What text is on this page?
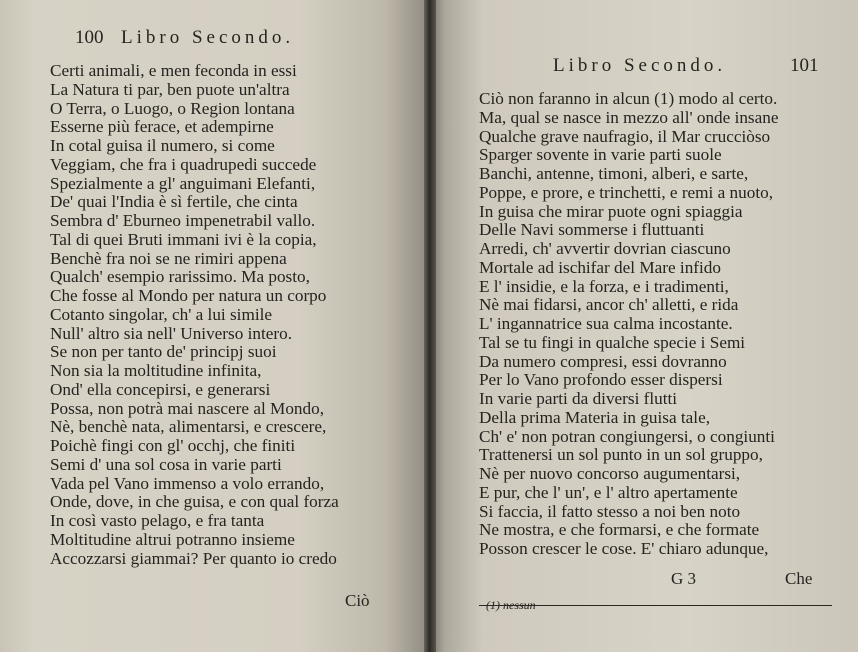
100 Libro Secondo.
Certi animali, e men feconda in essi
La Natura ti par, ben puote un'altra
O Terra, o Luogo, o Region lontana
Esserne più ferace, et adempirne
In cotal guisa il numero, si come
Veggiam, che fra i quadrupedi succede
Spezialmente a gl' anguimani Elefanti,
De' quai l'India è sì fertile, che cinta
Sembra d' Eburneo impenetrabil vallo.
Tal di quei Bruti immani ivi è la copia,
Benchè fra noi se ne rimiri appena
Qualch' esempio rarissimo. Ma posto,
Che fosse al Mondo per natura un corpo
Cotanto singolar, ch' a lui simile
Null' altro sia nell' Universo intero.
Se non per tanto de' principj suoi
Non sia la moltitudine infinita,
Ond' ella concepirsi, e generarsi
Possa, non potrà mai nascere al Mondo,
Nè, benchè nata, alimentarsi, e crescere,
Poichè fingi con gl' occhj, che finiti
Semi d' una sol cosa in varie parti
Vada pel Vano immenso a volo errando,
Onde, dove, in che guisa, e con qual forza
In così vasto pelago, e fra tanta
Moltitudine altrui potranno insieme
Accozzarsi giammai? Per quanto io credo
Ciò
Libro Secondo.	101
Ciò non faranno in alcun (1) modo al certo.
Ma, qual se nasce in mezzo all' onde insane
Qualche grave naufragio, il Mar crucciòso
Sparger sovente in varie parti suole
Banchi, antenne, timoni, alberi, e sarte,
Poppe, e prore, e trinchetti, e remi a nuoto,
In guisa che mirar puote ogni spiaggia
Delle Navi sommerse i fluttuanti
Arredi, ch' avvertir dovrian ciascuno
Mortale ad ischifar del Mare infido
E l' insidie, e la forza, e i tradimenti,
Nè mai fidarsi, ancor ch' alletti, e rida
L' ingannatrice sua calma incostante.
Tal se tu fingi in qualche specie i Semi
Da numero compresi, essi dovranno
Per lo Vano profondo esser dispersi
In varie parti da diversi flutti
Della prima Materia in guisa tale,
Ch' e' non potran congiungersi, o congiunti
Trattenersi un sol punto in un sol gruppo,
Nè per nuovo concorso augumentarsi,
E pur, che l' un', e l' altro apertamente
Si faccia, il fatto stesso a noi ben noto
Ne mostra, e che formarsi, e che formate
Posson crescer le cose. E' chiaro adunque,
G 3	Che
(1) nessun
